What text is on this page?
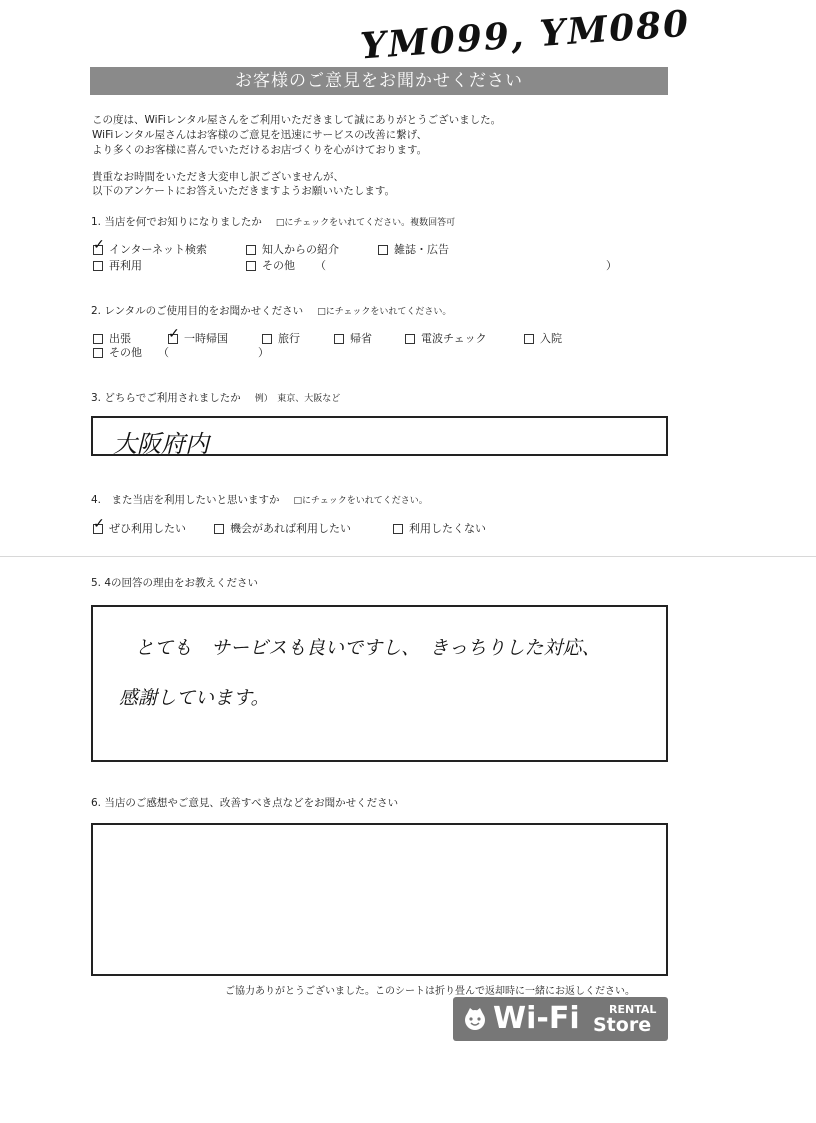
YM099, YM080
お客様のご意見をお聞かせください
この度は、WiFiレンタル屋さんをご利用いただきまして誠にありがとうございました。
WiFiレンタル屋さんはお客様のご意見を迅速にサービスの改善に繋げ、
より多くのお客様に喜んでいただけるお店づくりを心がけております。
貴重なお時間をいただき大変申し訳ございませんが、
以下のアンケートにお答えいただきますようお願いいたします。
1. 当店を何でお知りになりましたか □にチェックをいれてください。複数回答可
✓ インターネット検索	知人からの紹介	雑誌・広告
再利用	その他 （	）
2. レンタルのご使用目的をお聞かせください □にチェックをいれてください。
出張	✓ 一時帰国	旅行	帰省	電波チェック	入院
その他 （	）
3. どちらでご利用されましたか 例）　東京、大阪など
大阪府内
4.　また当店を利用したいと思いますか □にチェックをいれてください。
✓ ぜひ利用したい	機会があれば利用したい	利用したくない
5. 4の回答の理由をお教えください
とても　サービスも良いですし、　きっちりした対応、
感謝しています。
6. 当店のご感想やご意見、改善すべき点などをお聞かせください
ご協力ありがとうございました。このシートは折り畳んで返却時に一緒にお返しください。
Wi-Fi	RENTAL
Store
